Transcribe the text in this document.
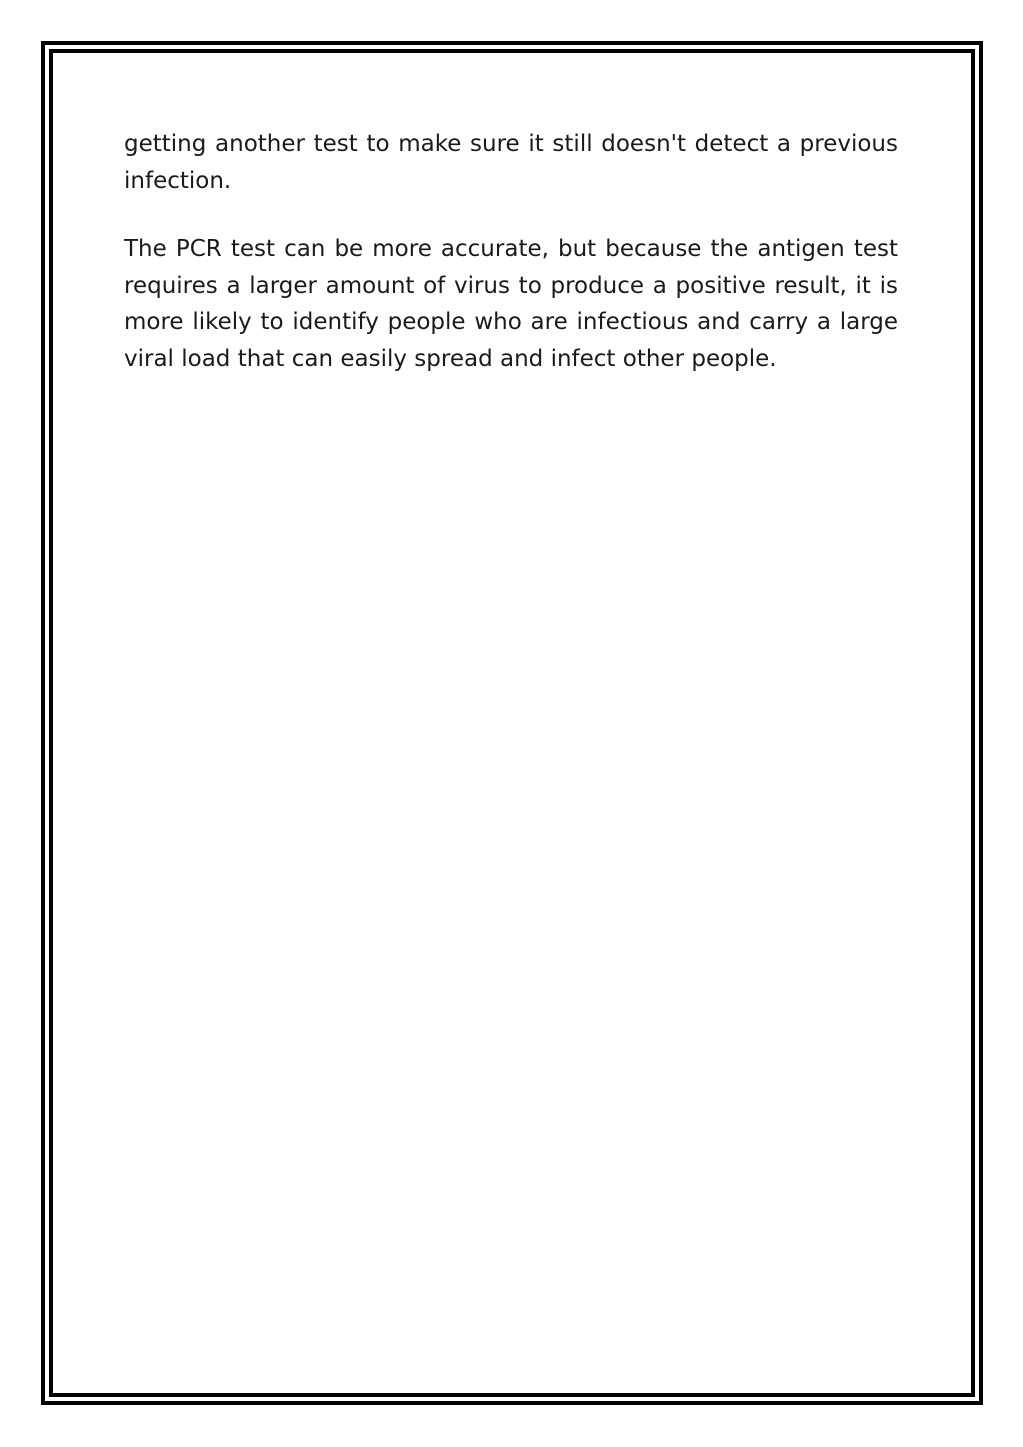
getting another test to make sure it still doesn't detect a previous infection.

The PCR test can be more accurate, but because the antigen test requires a larger amount of virus to produce a positive result, it is more likely to identify people who are infectious and carry a large viral load that can easily spread and infect other people.
